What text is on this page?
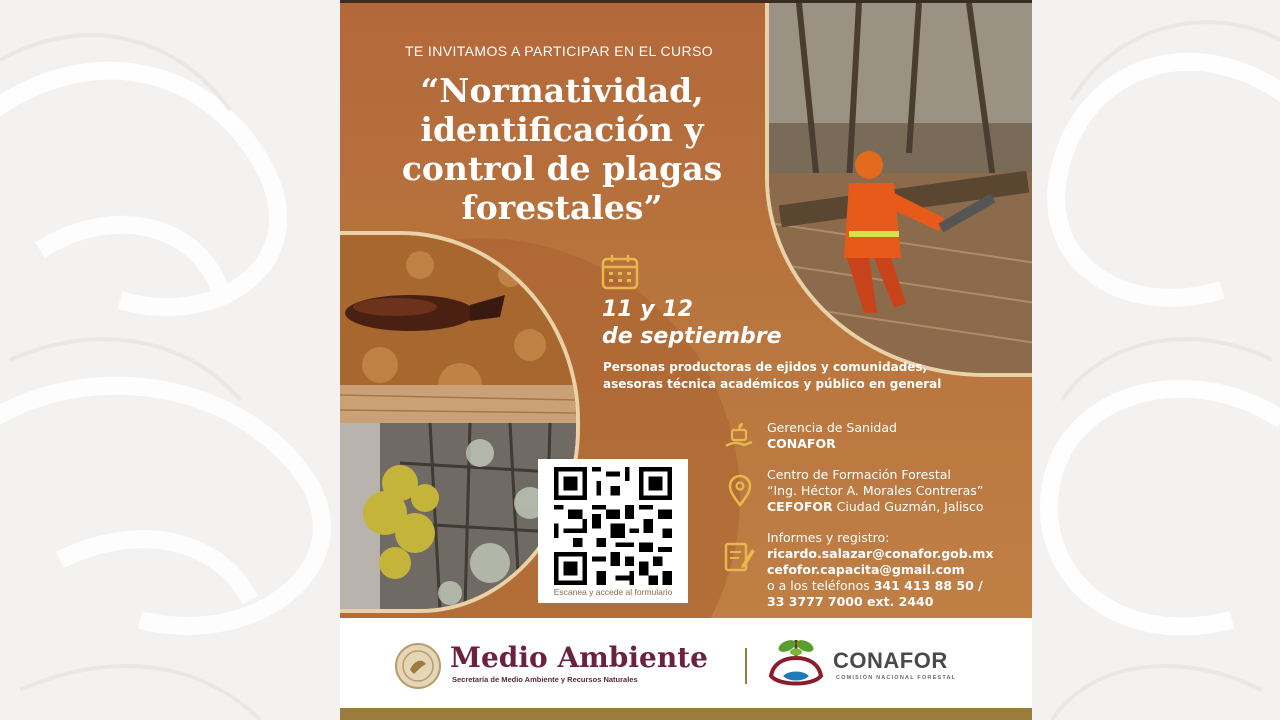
TE INVITAMOS A PARTICIPAR EN EL CURSO
“Normatividad, identificación y control de plagas forestales”
11 y 12
de septiembre
Personas productoras de ejidos y comunidades, asesoras técnica académicos y público en general
Gerencia de Sanidad
CONAFOR
Centro de Formación Forestal
“Ing. Héctor A. Morales Contreras”
CEFOFOR Ciudad Guzmán, Jalisco
Informes y registro:
ricardo.salazar@conafor.gob.mx
cefofor.capacita@gmail.com
o a los teléfonos 341 413 88 50 /
33 3777 7000 ext. 2440
Escanea y accede al formulario
Medio Ambiente
Secretaría de Medio Ambiente y Recursos Naturales
CONAFOR
COMISIÓN NACIONAL FORESTAL
